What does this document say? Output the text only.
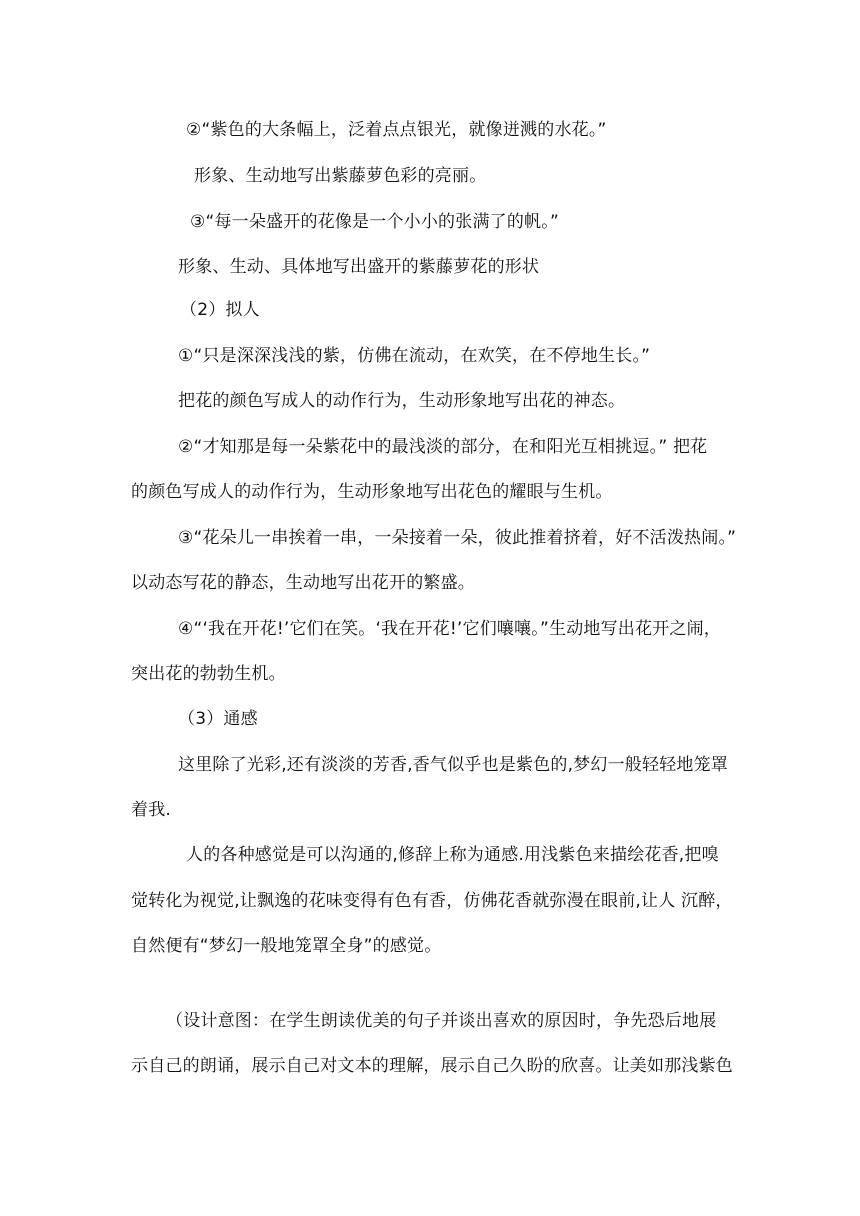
②“紫色的大条幅上，泛着点点银光，就像迸溅的水花。”
形象、生动地写出紫藤萝色彩的亮丽。
③“每一朵盛开的花像是一个小小的张满了的帆。”
形象、生动、具体地写出盛开的紫藤萝花的形状
（2）拟人
①“只是深深浅浅的紫，仿佛在流动，在欢笑，在不停地生长。”
把花的颜色写成人的动作行为，生动形象地写出花的神态。
②“才知那是每一朵紫花中的最浅淡的部分，在和阳光互相挑逗。” 把花
的颜色写成人的动作行为，生动形象地写出花色的耀眼与生机。
③“花朵儿一串挨着一串，一朵接着一朵，彼此推着挤着，好不活泼热闹。”
以动态写花的静态，生动地写出花开的繁盛。
④“‘我在开花!’它们在笑。‘我在开花!’它们嚷嚷。”生动地写出花开之闹，
突出花的勃勃生机。
（3）通感
这里除了光彩,还有淡淡的芳香,香气似乎也是紫色的,梦幻一般轻轻地笼罩
着我.
人的各种感觉是可以沟通的,修辞上称为通感.用浅紫色来描绘花香,把嗅
觉转化为视觉,让飘逸的花味变得有色有香，仿佛花香就弥漫在眼前,让人 沉醉，
自然便有“梦幻一般地笼罩全身”的感觉。
（设计意图：在学生朗读优美的句子并谈出喜欢的原因时，争先恐后地展
示自己的朗诵，展示自己对文本的理解，展示自己久盼的欣喜。让美如那浅紫色
